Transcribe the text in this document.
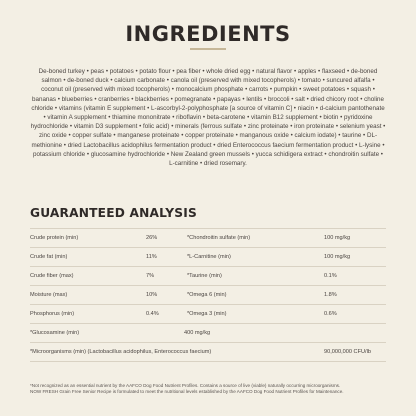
INGREDIENTS
De-boned turkey • peas • potatoes • potato flour • pea fiber • whole dried egg • natural flavor • apples • flaxseed • de-boned salmon • de-boned duck • calcium carbonate • canola oil (preserved with mixed tocopherols) • tomato • suncured alfalfa • coconut oil (preserved with mixed tocopherols) • monocalcium phosphate • carrots • pumpkin • sweet potatoes • squash • bananas • blueberries • cranberries • blackberries • pomegranate • papayas • lentils • broccoli • salt • dried chicory root • choline chloride • vitamins (vitamin E supplement • L-ascorbyl-2-polyphosphate [a source of vitamin C] • niacin • d-calcium pantothenate • vitamin A supplement • thiamine mononitrate • riboflavin • beta-carotene • vitamin B12 supplement • biotin • pyridoxine hydrochloride • vitamin D3 supplement • folic acid) • minerals (ferrous sulfate • zinc proteinate • iron proteinate • selenium yeast • zinc oxide • copper sulfate • manganese proteinate • copper proteinate • manganous oxide • calcium iodate) • taurine • DL-methionine • dried Lactobacillus acidophilus fermentation product • dried Enterococcus faecium fermentation product • L-lysine • potassium chloride • glucosamine hydrochloride • New Zealand green mussels • yucca schidigera extract • chondroitin sulfate • L-carnitine • dried rosemary.
GUARANTEED ANALYSIS
Crude protein (min)	26%	*Chondroitin sulfate (min)	100 mg/kg
Crude fat (min)	11%	*L-Carnitine (min)	100 mg/kg
Crude fiber (max)	7%	*Taurine (min)	0.1%
Moisture (max)	10%	*Omega 6 (min)	1.8%
Phosphorus (min)	0.4%	*Omega 3 (min)	0.6%
*Glucosamine (min)	400 mg/kg
*Microorganisms (min) (Lactobacillus acidophilus, Enterococcus faecium)	90,000,000 CFU/lb
*Not recognized as an essential nutrient by the AAFCO Dog Food Nutrient Profiles. Contains a source of live (viable) naturally occurring microorganisms.
NOW FRESH Grain Free Senior Recipe is formulated to meet the nutritional levels established by the AAFCO Dog Food Nutrient Profiles for Maintenance.
